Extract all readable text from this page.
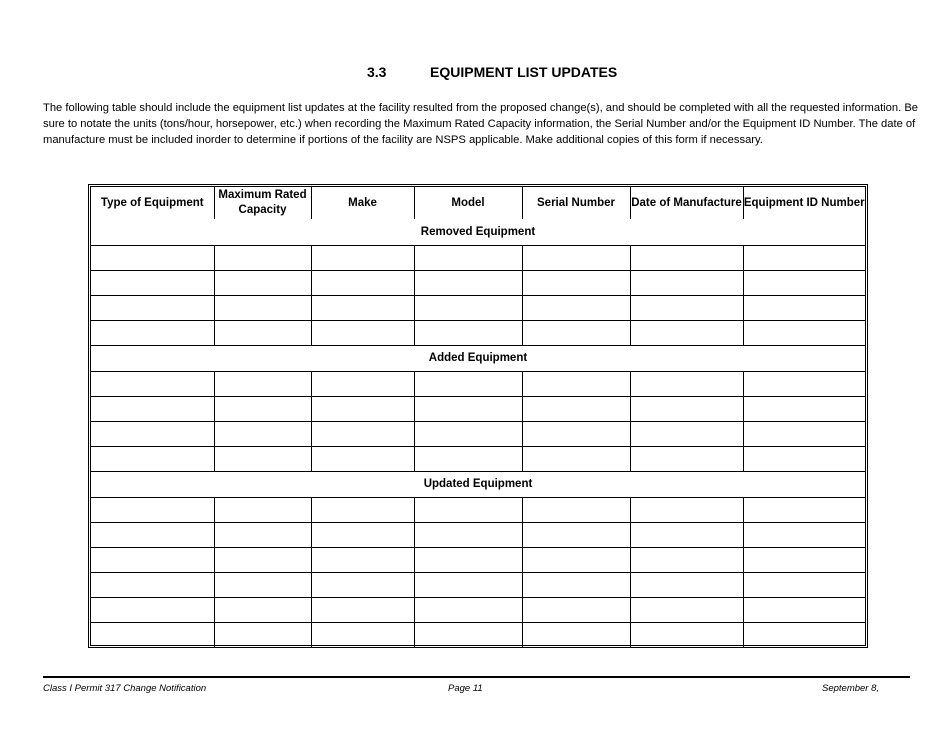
3.3	EQUIPMENT LIST UPDATES
The following table should include the equipment list updates at the facility resulted from the proposed change(s), and should be completed with all the requested information. Be sure to notate the units (tons/hour, horsepower, etc.) when recording the Maximum Rated Capacity information, the Serial Number and/or the Equipment ID Number. The date of manufacture must be included inorder to determine if portions of the facility are NSPS applicable. Make additional copies of this form if necessary.
Type of Equipment	Maximum Rated Capacity	Make	Model	Serial Number	Date of Manufacture	Equipment ID Number
Removed Equipment						

Added Equipment						

Updated Equipment						

Class I Permit 317 Change Notification	Page 11	September 8,
